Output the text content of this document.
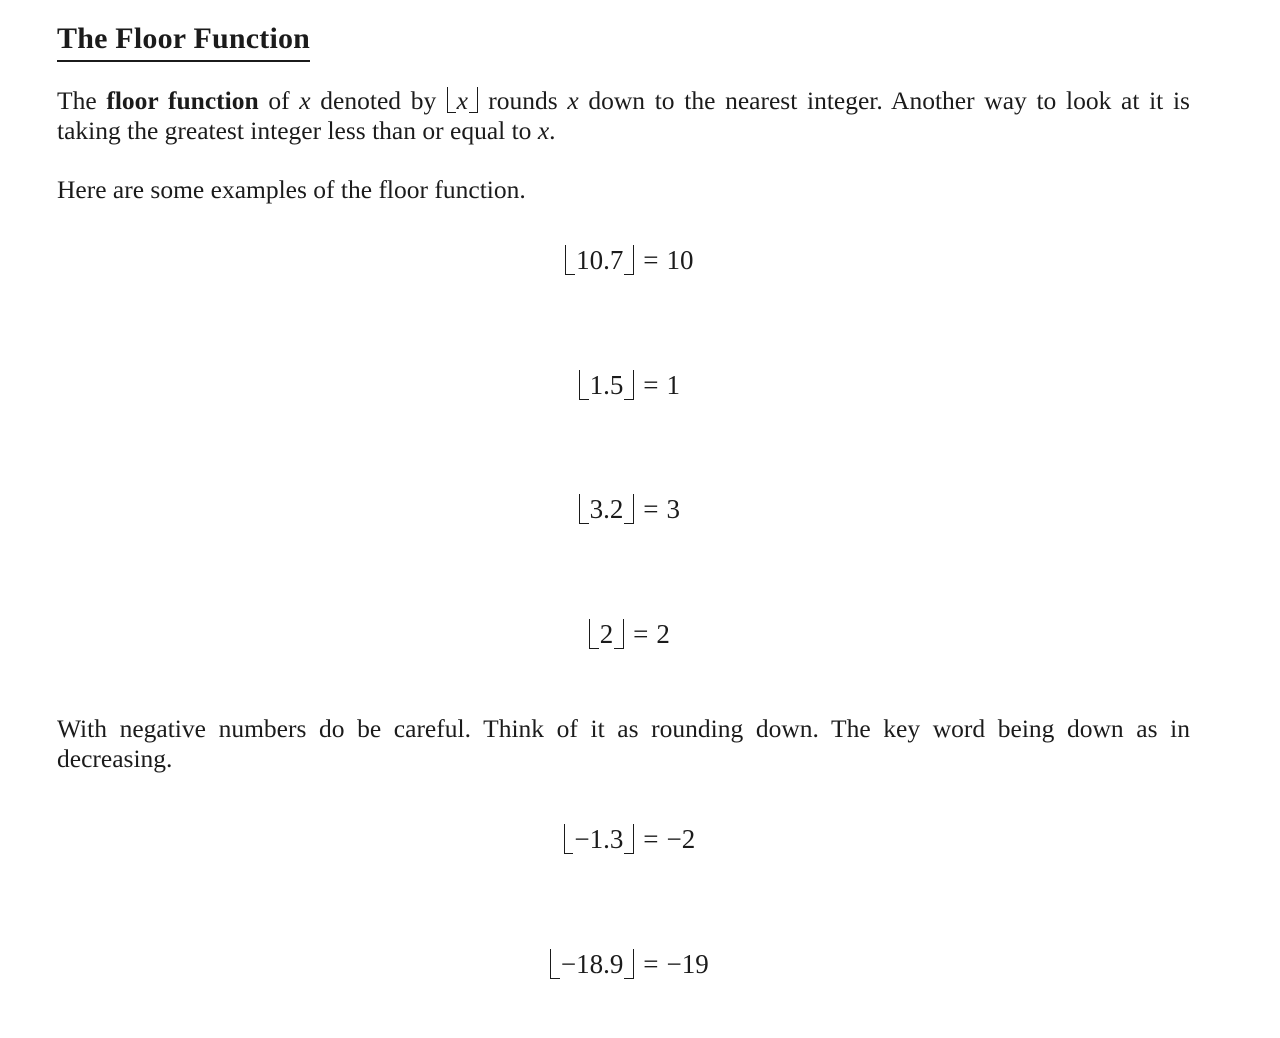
The Floor Function

The floor function of x denoted by x rounds x down to the nearest integer. Another way to look at it is taking the greatest integer less than or equal to x.

Here are some examples of the floor function.

With negative numbers do be careful. Think of it as rounding down. The key word being down as in decreasing.

10.7 = 10
1.5 = 1
3.2 = 3
2 = 2
−1.3 = −2
−18.9 = −19
